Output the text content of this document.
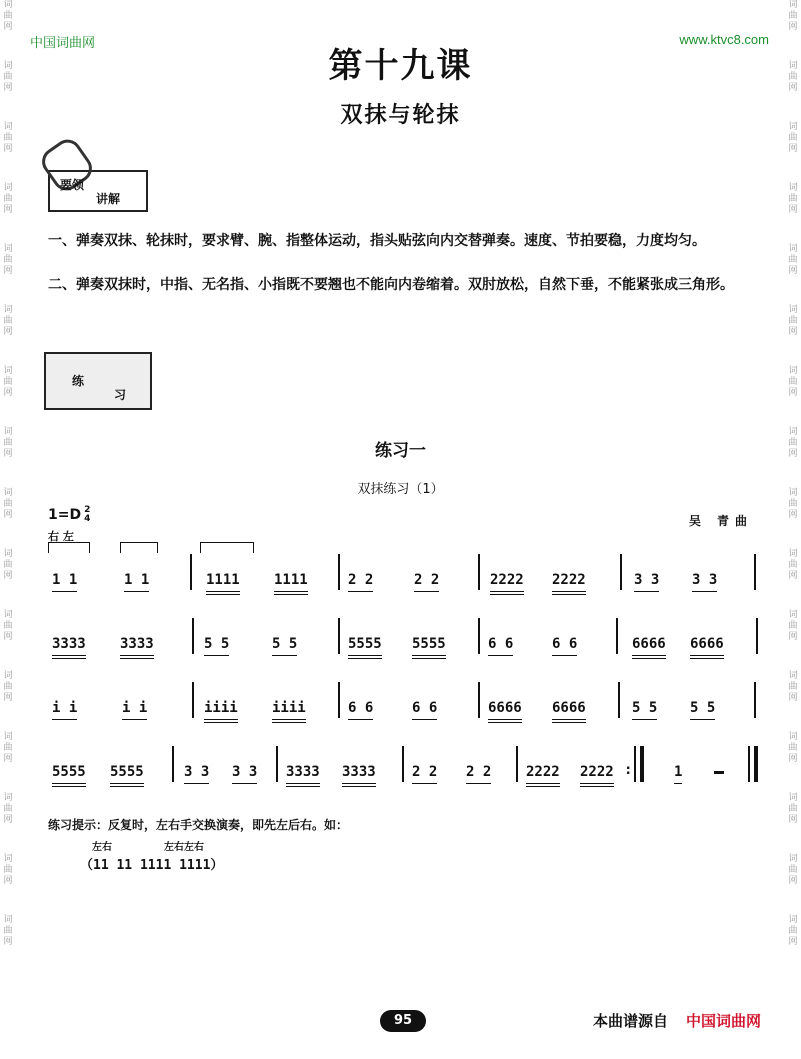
词曲网
词曲网
词曲网
词曲网
词曲网
词曲网
词曲网
词曲网
词曲网
词曲网
词曲网
词曲网
词曲网
词曲网
词曲网
词曲网
词曲网
词曲网
词曲网
词曲网
词曲网
词曲网
词曲网
词曲网
词曲网
词曲网
词曲网
词曲网
词曲网
词曲网
词曲网
词曲网
中国词曲网	www.ktvc8.com
第十九课
双抹与轮抹
要领
讲解
一、弹奏双抹、轮抹时，要求臂、腕、指整体运动，指头贴弦向内交替弹奏。速度、节拍要稳，力度均匀。
二、弹奏双抹时，中指、无名指、小指既不要翘也不能向内卷缩着。双肘放松，自然下垂，不能紧张成三角形。
练
习
练习一
双抹练习（1）
1=D 2
4	吴 青曲
右 左
1 1	1 1	1111 1111	2 2	2 2	2222 2222	3 3 3 3
3333 3333	5 5	5 5	5555 5555	6 6	6 6	6666 6666
i i	i i	iiii iiii	6 6	6 6	6666 6666	5 5 5 5
5555 5555	3 3 3 3 3333 3333	2 2 2 2 2222 2222 :	1
练习提示：反复时，左右手交换演奏，即先左后右。如：
左右	左右左右
（11 11 1111 1111）
95	本曲谱源自 中国词曲网
